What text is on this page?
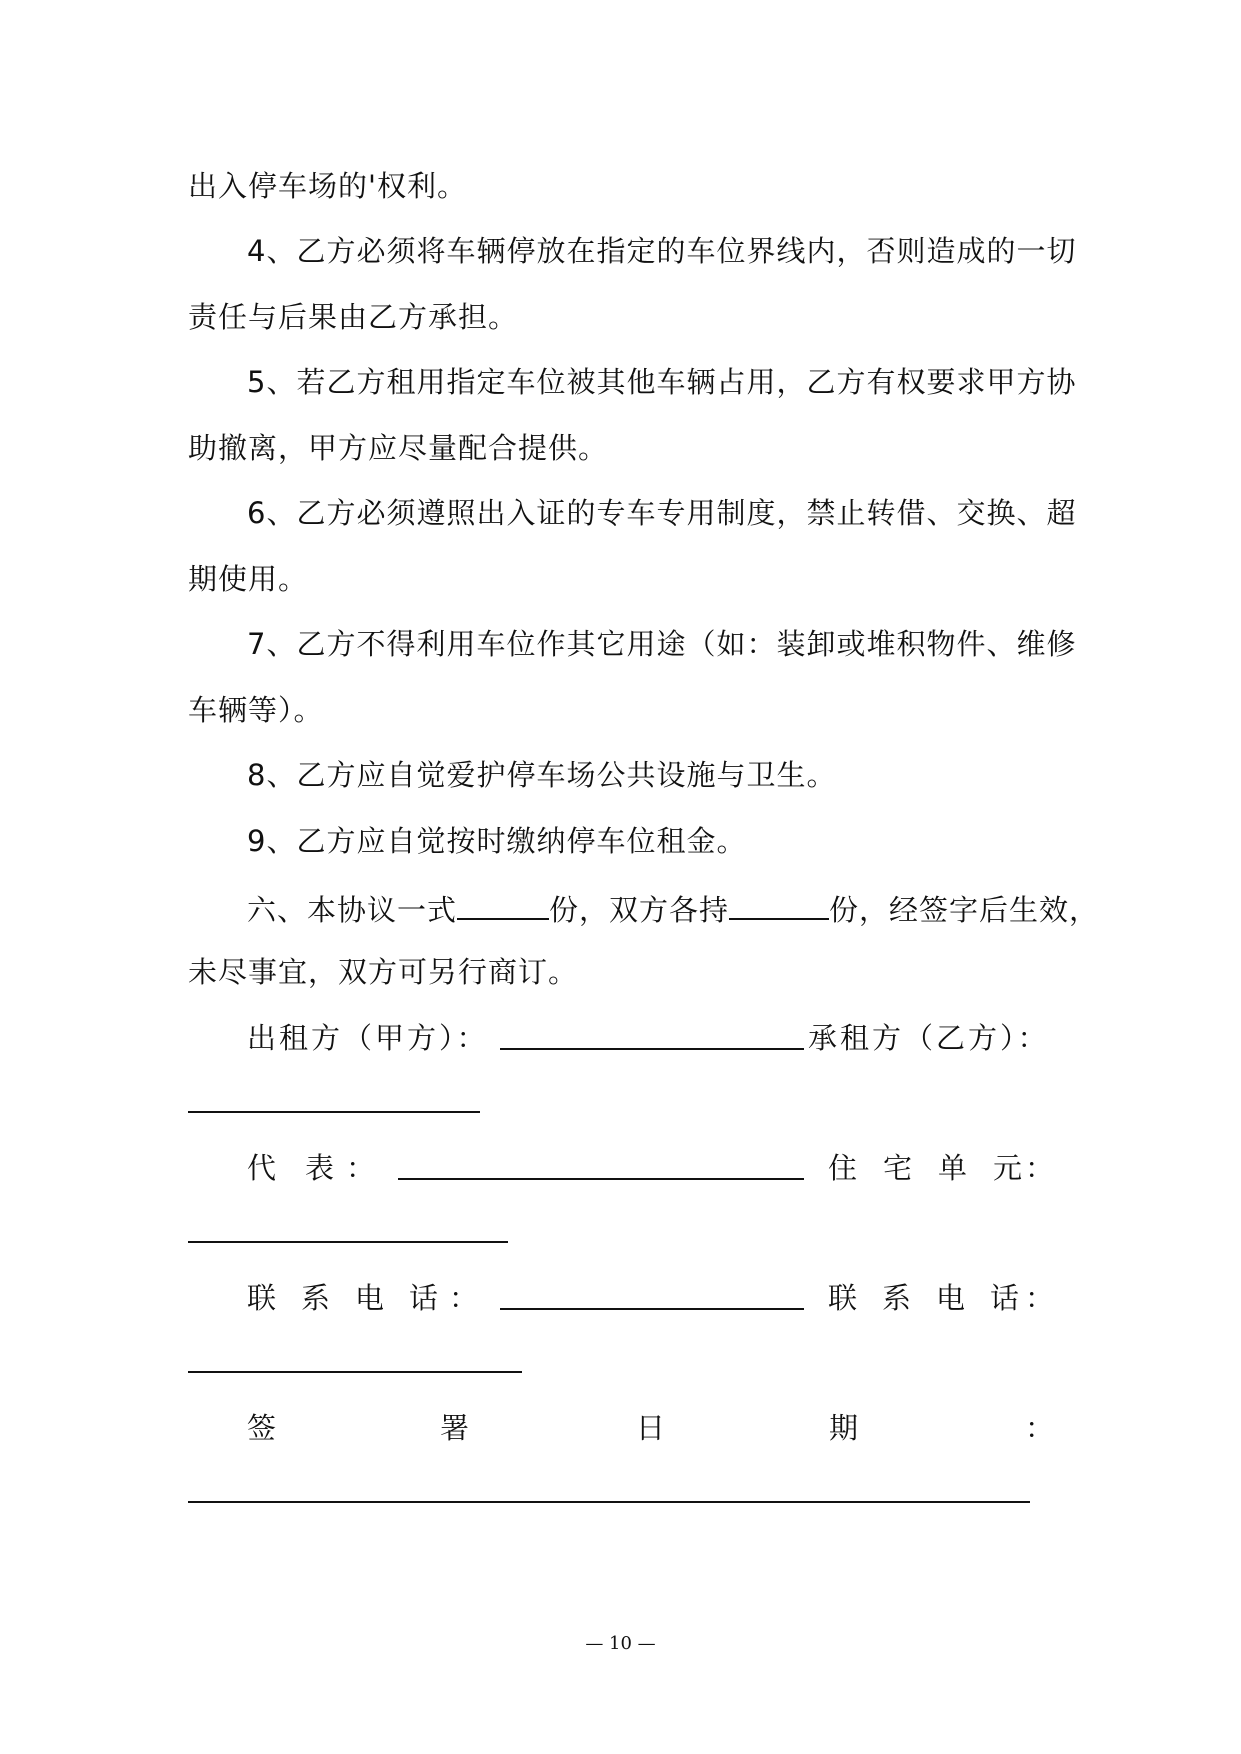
出入停车场的'权利。
4、乙方必须将车辆停放在指定的车位界线内，否则造成的一切
责任与后果由乙方承担。
5、若乙方租用指定车位被其他车辆占用，乙方有权要求甲方协
助撤离，甲方应尽量配合提供。
6、乙方必须遵照出入证的专车专用制度，禁止转借、交换、超
期使用。
7、乙方不得利用车位作其它用途（如：装卸或堆积物件、维修
车辆等）。
8、乙方应自觉爱护停车场公共设施与卫生。
9、乙方应自觉按时缴纳停车位租金。
六、本协议一式	份，双方各持	份，经签字后生效，
未尽事宜，双方可另行商订。
出租方（甲方）：	承租方（乙方）：
代 表 ：	住 宅 单 元 ：
联 系 电 话 ：	联 系 电 话 ：
签	署	日	期	：
— 10 —
